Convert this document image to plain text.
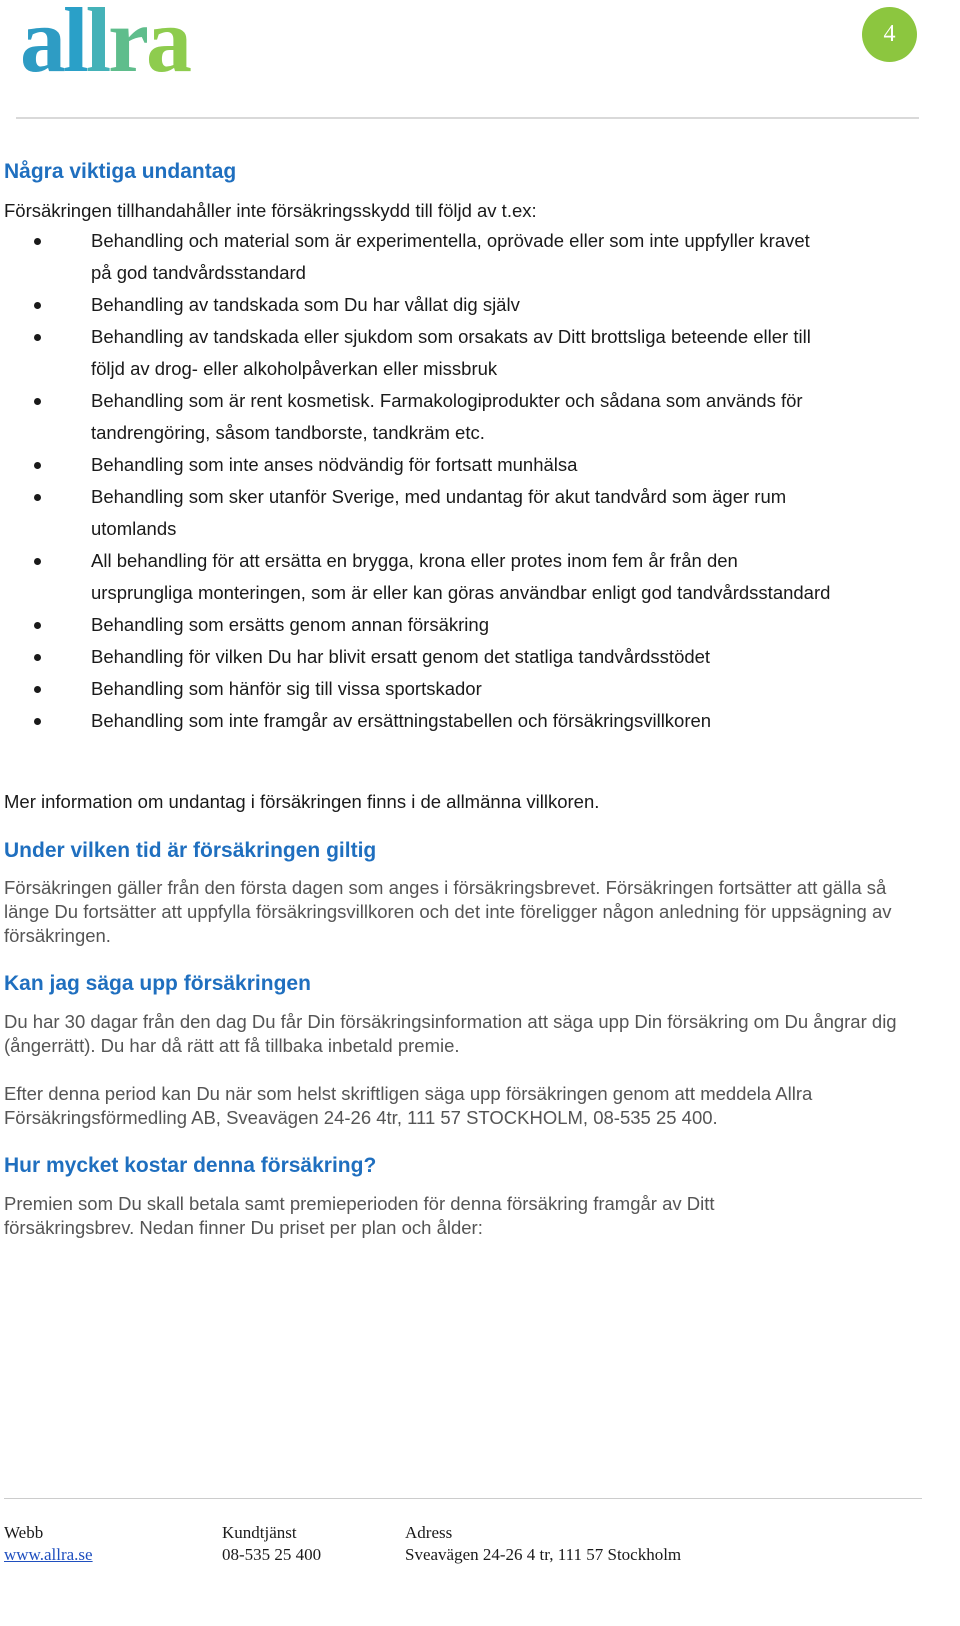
allra	4
Några viktiga undantag

Försäkringen tillhandahåller inte försäkringsskydd till följd av t.ex:

Behandling och material som är experimentella, oprövade eller som inte uppfyller kravet på god tandvårdsstandard
Behandling av tandskada som Du har vållat dig själv
Behandling av tandskada eller sjukdom som orsakats av Ditt brottsliga beteende eller till följd av drog- eller alkoholpåverkan eller missbruk
Behandling som är rent kosmetisk. Farmakologiprodukter och sådana som används för tandrengöring, såsom tandborste, tandkräm etc.
Behandling som inte anses nödvändig för fortsatt munhälsa
Behandling som sker utanför Sverige, med undantag för akut tandvård som äger rum utomlands
All behandling för att ersätta en brygga, krona eller protes inom fem år från den ursprungliga monteringen, som är eller kan göras användbar enligt god tandvårdsstandard
Behandling som ersätts genom annan försäkring
Behandling för vilken Du har blivit ersatt genom det statliga tandvårdsstödet
Behandling som hänför sig till vissa sportskador
Behandling som inte framgår av ersättningstabellen och försäkringsvillkoren

Mer information om undantag i försäkringen finns i de allmänna villkoren.

Under vilken tid är försäkringen giltig

Försäkringen gäller från den första dagen som anges i försäkringsbrevet. Försäkringen fortsätter att gälla så länge Du fortsätter att uppfylla försäkringsvillkoren och det inte föreligger någon anledning för uppsägning av försäkringen.

Kan jag säga upp försäkringen

Du har 30 dagar från den dag Du får Din försäkringsinformation att säga upp Din försäkring om Du ångrar dig (ångerrätt). Du har då rätt att få tillbaka inbetald premie.

Efter denna period kan Du när som helst skriftligen säga upp försäkringen genom att meddela Allra Försäkringsförmedling AB, Sveavägen 24-26 4tr, 111 57 STOCKHOLM, 08-535 25 400.

Hur mycket kostar denna försäkring?

Premien som Du skall betala samt premieperioden för denna försäkring framgår av Ditt försäkringsbrev. Nedan finner Du priset per plan och ålder:

Webb
www.allra.se
Kundtjänst
08-535 25 400
Adress
Sveavägen 24-26 4 tr, 111 57 Stockholm
